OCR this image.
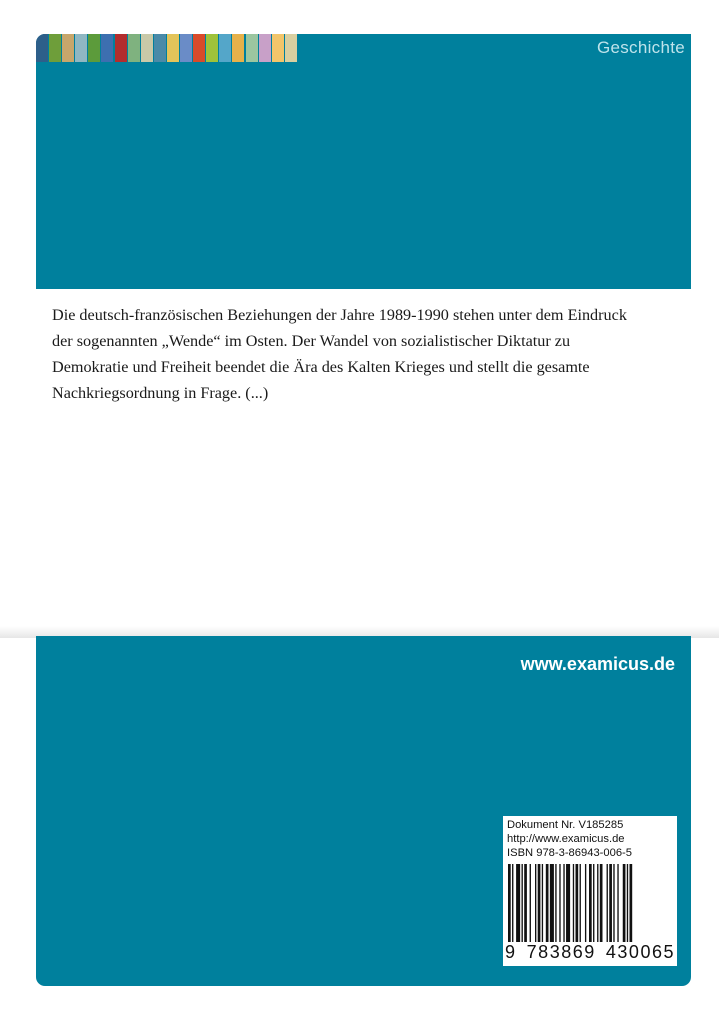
Geschichte

Die deutsch-französischen Beziehungen der Jahre 1989-1990 stehen unter dem Eindruck der sogenannten „Wende“ im Osten. Der Wandel von sozialistischer Diktatur zu Demokratie und Freiheit beendet die Ära des Kalten Krieges und stellt die gesamte Nachkriegsordnung in Frage. (...)

www.examicus.de
Dokument Nr. V185285
http://www.examicus.de
ISBN 978-3-86943-006-5
9 783869 430065
